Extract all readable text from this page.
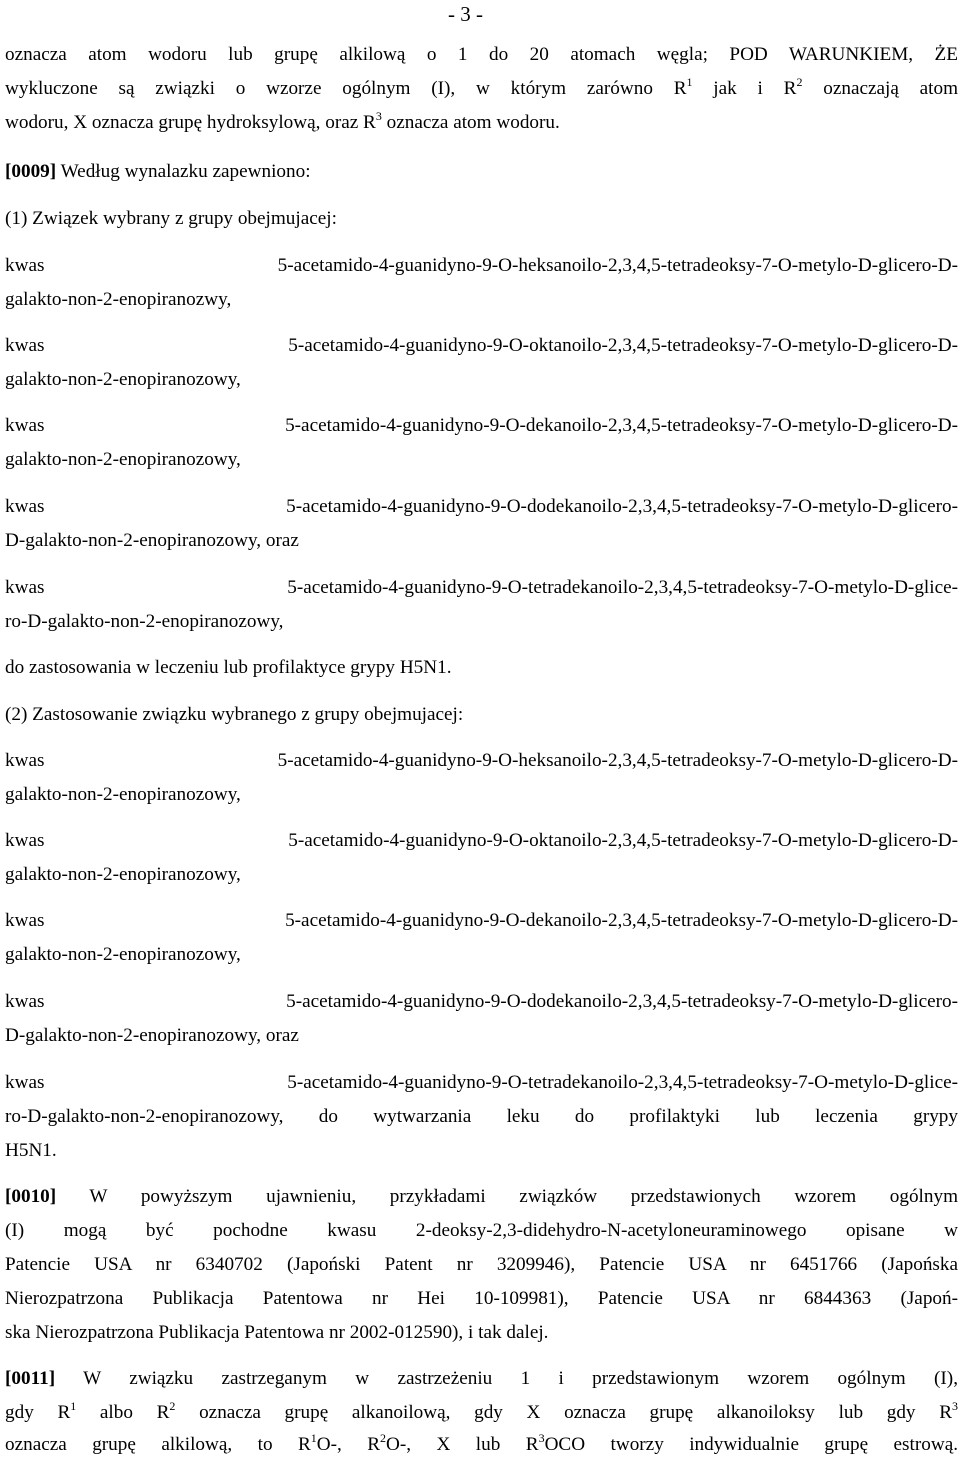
- 3 -
oznacza atom wodoru lub grupę alkilową o 1 do 20 atomach węgla; POD WARUNKIEM, ŻE
wykluczone są związki o wzorze ogólnym (I), w którym zarówno $R^1$ jak i $R^2$ oznaczają atom
wodoru, X oznacza grupę hydroksylową, oraz $R^3$ oznacza atom wodoru.
[0009] Według wynalazku zapewniono:
(1) Związek wybrany z grupy obejmujacej:
kwas 5-acetamido-4-guanidyno-9-O-heksanoilo-2,3,4,5-tetradeoksy-7-O-metylo-D-glicero-D-
galakto-non-2-enopiranozwy,
kwas 5-acetamido-4-guanidyno-9-O-oktanoilo-2,3,4,5-tetradeoksy-7-O-metylo-D-glicero-D-
galakto-non-2-enopiranozowy,
kwas 5-acetamido-4-guanidyno-9-O-dekanoilo-2,3,4,5-tetradeoksy-7-O-metylo-D-glicero-D-
galakto-non-2-enopiranozowy,
kwas 5-acetamido-4-guanidyno-9-O-dodekanoilo-2,3,4,5-tetradeoksy-7-O-metylo-D-glicero-
D-galakto-non-2-enopiranozowy, oraz
kwas 5-acetamido-4-guanidyno-9-O-tetradekanoilo-2,3,4,5-tetradeoksy-7-O-metylo-D-glice-
ro-D-galakto-non-2-enopiranozowy,
do zastosowania w leczeniu lub profilaktyce grypy H5N1.
(2) Zastosowanie związku wybranego z grupy obejmujacej:
kwas 5-acetamido-4-guanidyno-9-O-heksanoilo-2,3,4,5-tetradeoksy-7-O-metylo-D-glicero-D-
galakto-non-2-enopiranozowy,
kwas 5-acetamido-4-guanidyno-9-O-oktanoilo-2,3,4,5-tetradeoksy-7-O-metylo-D-glicero-D-
galakto-non-2-enopiranozowy,
kwas 5-acetamido-4-guanidyno-9-O-dekanoilo-2,3,4,5-tetradeoksy-7-O-metylo-D-glicero-D-
galakto-non-2-enopiranozowy,
kwas 5-acetamido-4-guanidyno-9-O-dodekanoilo-2,3,4,5-tetradeoksy-7-O-metylo-D-glicero-
D-galakto-non-2-enopiranozowy, oraz
kwas 5-acetamido-4-guanidyno-9-O-tetradekanoilo-2,3,4,5-tetradeoksy-7-O-metylo-D-glice-
ro-D-galakto-non-2-enopiranozowy, do wytwarzania leku do profilaktyki lub leczenia grypy
H5N1.
[0010] W powyższym ujawnieniu, przykładami związków przedstawionych wzorem ogólnym
(I) mogą być pochodne kwasu 2-deoksy-2,3-didehydro-N-acetyloneuraminowego opisane w
Patencie USA nr 6340702 (Japoński Patent nr 3209946), Patencie USA nr 6451766 (Japońska
Nierozpatrzona Publikacja Patentowa nr Hei 10-109981), Patencie USA nr 6844363 (Japoń-
ska Nierozpatrzona Publikacja Patentowa nr 2002-012590), i tak dalej.
[0011] W związku zastrzeganym w zastrzeżeniu 1 i przedstawionym wzorem ogólnym (I),
gdy $R^1$ albo $R^2$ oznacza grupę alkanoilową, gdy X oznacza grupę alkanoiloksy lub gdy $R^3$
oznacza grupę alkilową, to $R^1O-$, $R^2O-$, X lub $R^3OCO$ tworzy indywidualnie grupę estrową.
